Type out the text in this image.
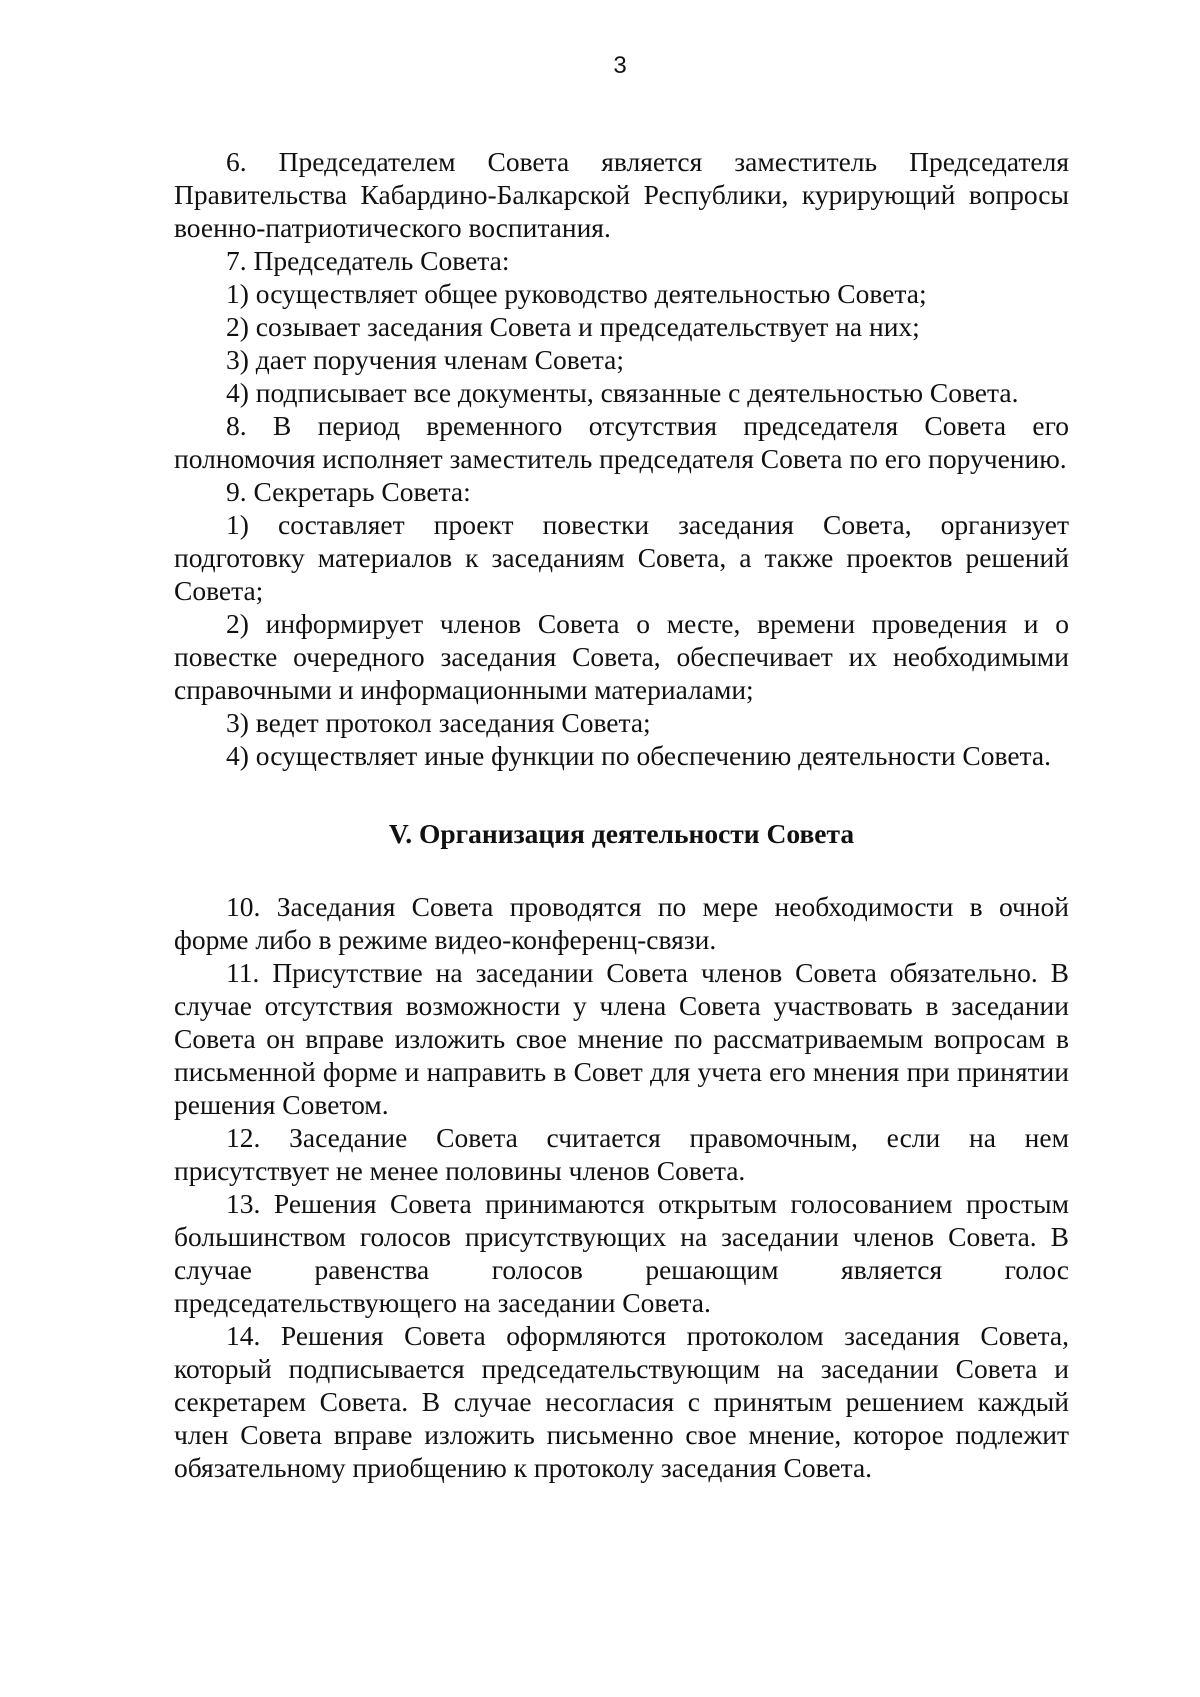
3

6. Председателем Совета является заместитель Председателя Правительства Кабардино-Балкарской Республики, курирующий вопросы военно-патриотического воспитания.

7. Председатель Совета:

1) осуществляет общее руководство деятельностью Совета;

2) созывает заседания Совета и председательствует на них;

3) дает поручения членам Совета;

4) подписывает все документы, связанные с деятельностью Совета.

8. В период временного отсутствия председателя Совета его полномочия исполняет заместитель председателя Совета по его поручению.

9. Секретарь Совета:

1) составляет проект повестки заседания Совета, организует подготовку материалов к заседаниям Совета, а также проектов решений Совета;

2) информирует членов Совета о месте, времени проведения и о повестке очередного заседания Совета, обеспечивает их необходимыми справочными и информационными материалами;

3) ведет протокол заседания Совета;

4) осуществляет иные функции по обеспечению деятельности Совета.

V. Организация деятельности Совета

10. Заседания Совета проводятся по мере необходимости в очной форме либо в режиме видео-конференц-связи.

11. Присутствие на заседании Совета членов Совета обязательно. В случае отсутствия возможности у члена Совета участвовать в заседании Совета он вправе изложить свое мнение по рассматриваемым вопросам в письменной форме и направить в Совет для учета его мнения при принятии решения Советом.

12. Заседание Совета считается правомочным, если на нем присутствует не менее половины членов Совета.

13. Решения Совета принимаются открытым голосованием простым большинством голосов присутствующих на заседании членов Совета. В случае равенства голосов решающим является голос председательствующего на заседании Совета.

14. Решения Совета оформляются протоколом заседания Совета, который подписывается председательствующим на заседании Совета и секретарем Совета. В случае несогласия с принятым решением каждый член Совета вправе изложить письменно свое мнение, которое подлежит обязательному приобщению к протоколу заседания Совета.
